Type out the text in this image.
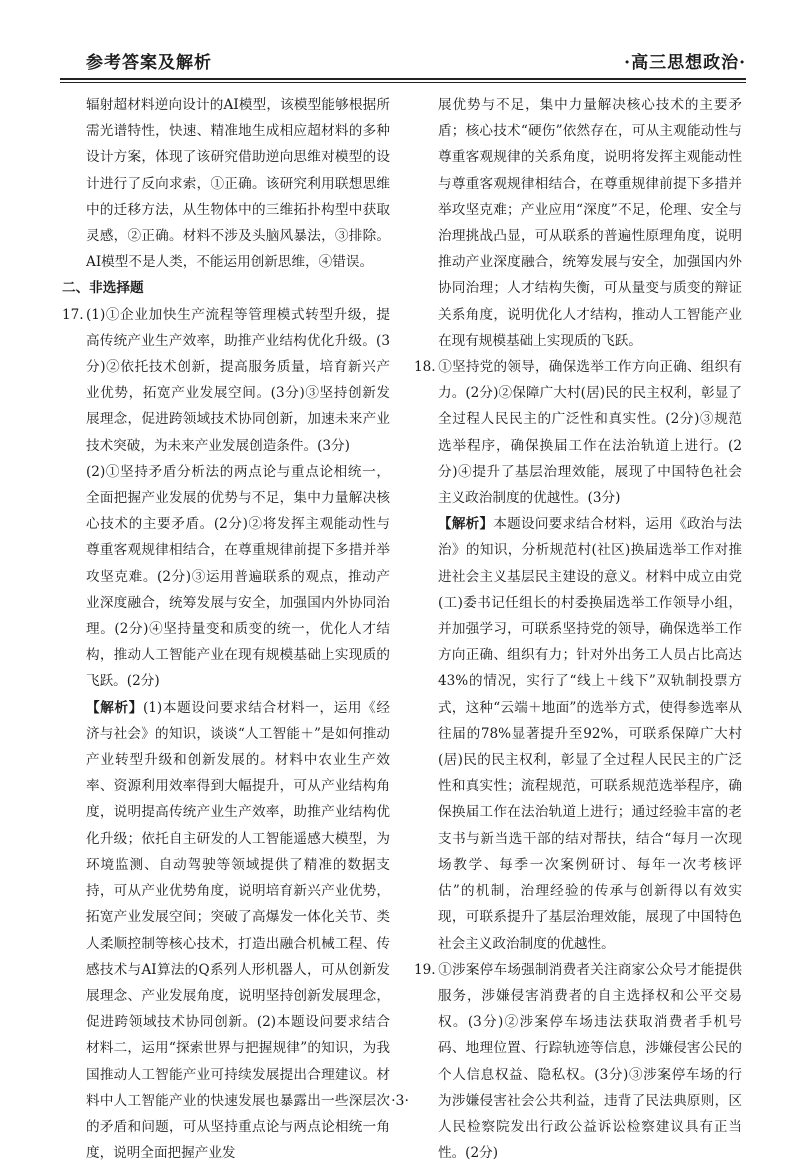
参考答案及解析	·高三思想政治·

辐射超材料逆向设计的AI模型，该模型能够根据所需光谱特性，快速、精准地生成相应超材料的多种设计方案，体现了该研究借助逆向思维对模型的设计进行了反向求索，①正确。该研究利用联想思维中的迁移方法，从生物体中的三维拓扑构型中获取灵感，②正确。材料不涉及头脑风暴法，③排除。AI模型不是人类，不能运用创新思维，④错误。

二、非选择题

17. (1)①企业加快生产流程等管理模式转型升级，提高传统产业生产效率，助推产业结构优化升级。(3分)②依托技术创新，提高服务质量，培育新兴产业优势，拓宽产业发展空间。(3分)③坚持创新发展理念，促进跨领域技术协同创新，加速未来产业技术突破，为未来产业发展创造条件。(3分)

(2)①坚持矛盾分析法的两点论与重点论相统一，全面把握产业发展的优势与不足，集中力量解决核心技术的主要矛盾。(2分)②将发挥主观能动性与尊重客观规律相结合，在尊重规律前提下多措并举攻坚克难。(2分)③运用普遍联系的观点，推动产业深度融合，统筹发展与安全，加强国内外协同治理。(2分)④坚持量变和质变的统一，优化人才结构，推动人工智能产业在现有规模基础上实现质的飞跃。(2分)

【解析】(1)本题设问要求结合材料一，运用《经济与社会》的知识，谈谈“人工智能＋”是如何推动产业转型升级和创新发展的。材料中农业生产效率、资源利用效率得到大幅提升，可从产业结构角度，说明提高传统产业生产效率，助推产业结构优化升级；依托自主研发的人工智能遥感大模型，为环境监测、自动驾驶等领域提供了精准的数据支持，可从产业优势角度，说明培育新兴产业优势，拓宽产业发展空间；突破了高爆发一体化关节、类人柔顺控制等核心技术，打造出融合机械工程、传感技术与AI算法的Q系列人形机器人，可从创新发展理念、产业发展角度，说明坚持创新发展理念，促进跨领域技术协同创新。(2)本题设问要求结合材料二，运用“探索世界与把握规律”的知识，为我国推动人工智能产业可持续发展提出合理建议。材料中人工智能产业的快速发展也暴露出一些深层次的矛盾和问题，可从坚持重点论与两点论相统一角度，说明全面把握产业发

展优势与不足，集中力量解决核心技术的主要矛盾；核心技术“硬伤”依然存在，可从主观能动性与尊重客观规律的关系角度，说明将发挥主观能动性与尊重客观规律相结合，在尊重规律前提下多措并举攻坚克难；产业应用“深度”不足，伦理、安全与治理挑战凸显，可从联系的普遍性原理角度，说明推动产业深度融合，统筹发展与安全，加强国内外协同治理；人才结构失衡，可从量变与质变的辩证关系角度，说明优化人才结构，推动人工智能产业在现有规模基础上实现质的飞跃。

18. ①坚持党的领导，确保选举工作方向正确、组织有力。(2分)②保障广大村(居)民的民主权利，彰显了全过程人民民主的广泛性和真实性。(2分)③规范选举程序，确保换届工作在法治轨道上进行。(2分)④提升了基层治理效能，展现了中国特色社会主义政治制度的优越性。(3分)

【解析】本题设问要求结合材料，运用《政治与法治》的知识，分析规范村(社区)换届选举工作对推进社会主义基层民主建设的意义。材料中成立由党(工)委书记任组长的村委换届选举工作领导小组，并加强学习，可联系坚持党的领导，确保选举工作方向正确、组织有力；针对外出务工人员占比高达43%的情况，实行了“线上＋线下”双轨制投票方式，这种“云端＋地面”的选举方式，使得参选率从往届的78%显著提升至92%，可联系保障广大村(居)民的民主权利，彰显了全过程人民民主的广泛性和真实性；流程规范，可联系规范选举程序，确保换届工作在法治轨道上进行；通过经验丰富的老支书与新当选干部的结对帮扶，结合“每月一次现场教学、每季一次案例研讨、每年一次考核评估”的机制，治理经验的传承与创新得以有效实现，可联系提升了基层治理效能，展现了中国特色社会主义政治制度的优越性。

19. ①涉案停车场强制消费者关注商家公众号才能提供服务，涉嫌侵害消费者的自主选择权和公平交易权。(3分)②涉案停车场违法获取消费者手机号码、地理位置、行踪轨迹等信息，涉嫌侵害公民的个人信息权益、隐私权。(3分)③涉案停车场的行为涉嫌侵害社会公共利益，违背了民法典原则，区人民检察院发出行政公益诉讼检察建议具有正当性。(2分)

·3·
